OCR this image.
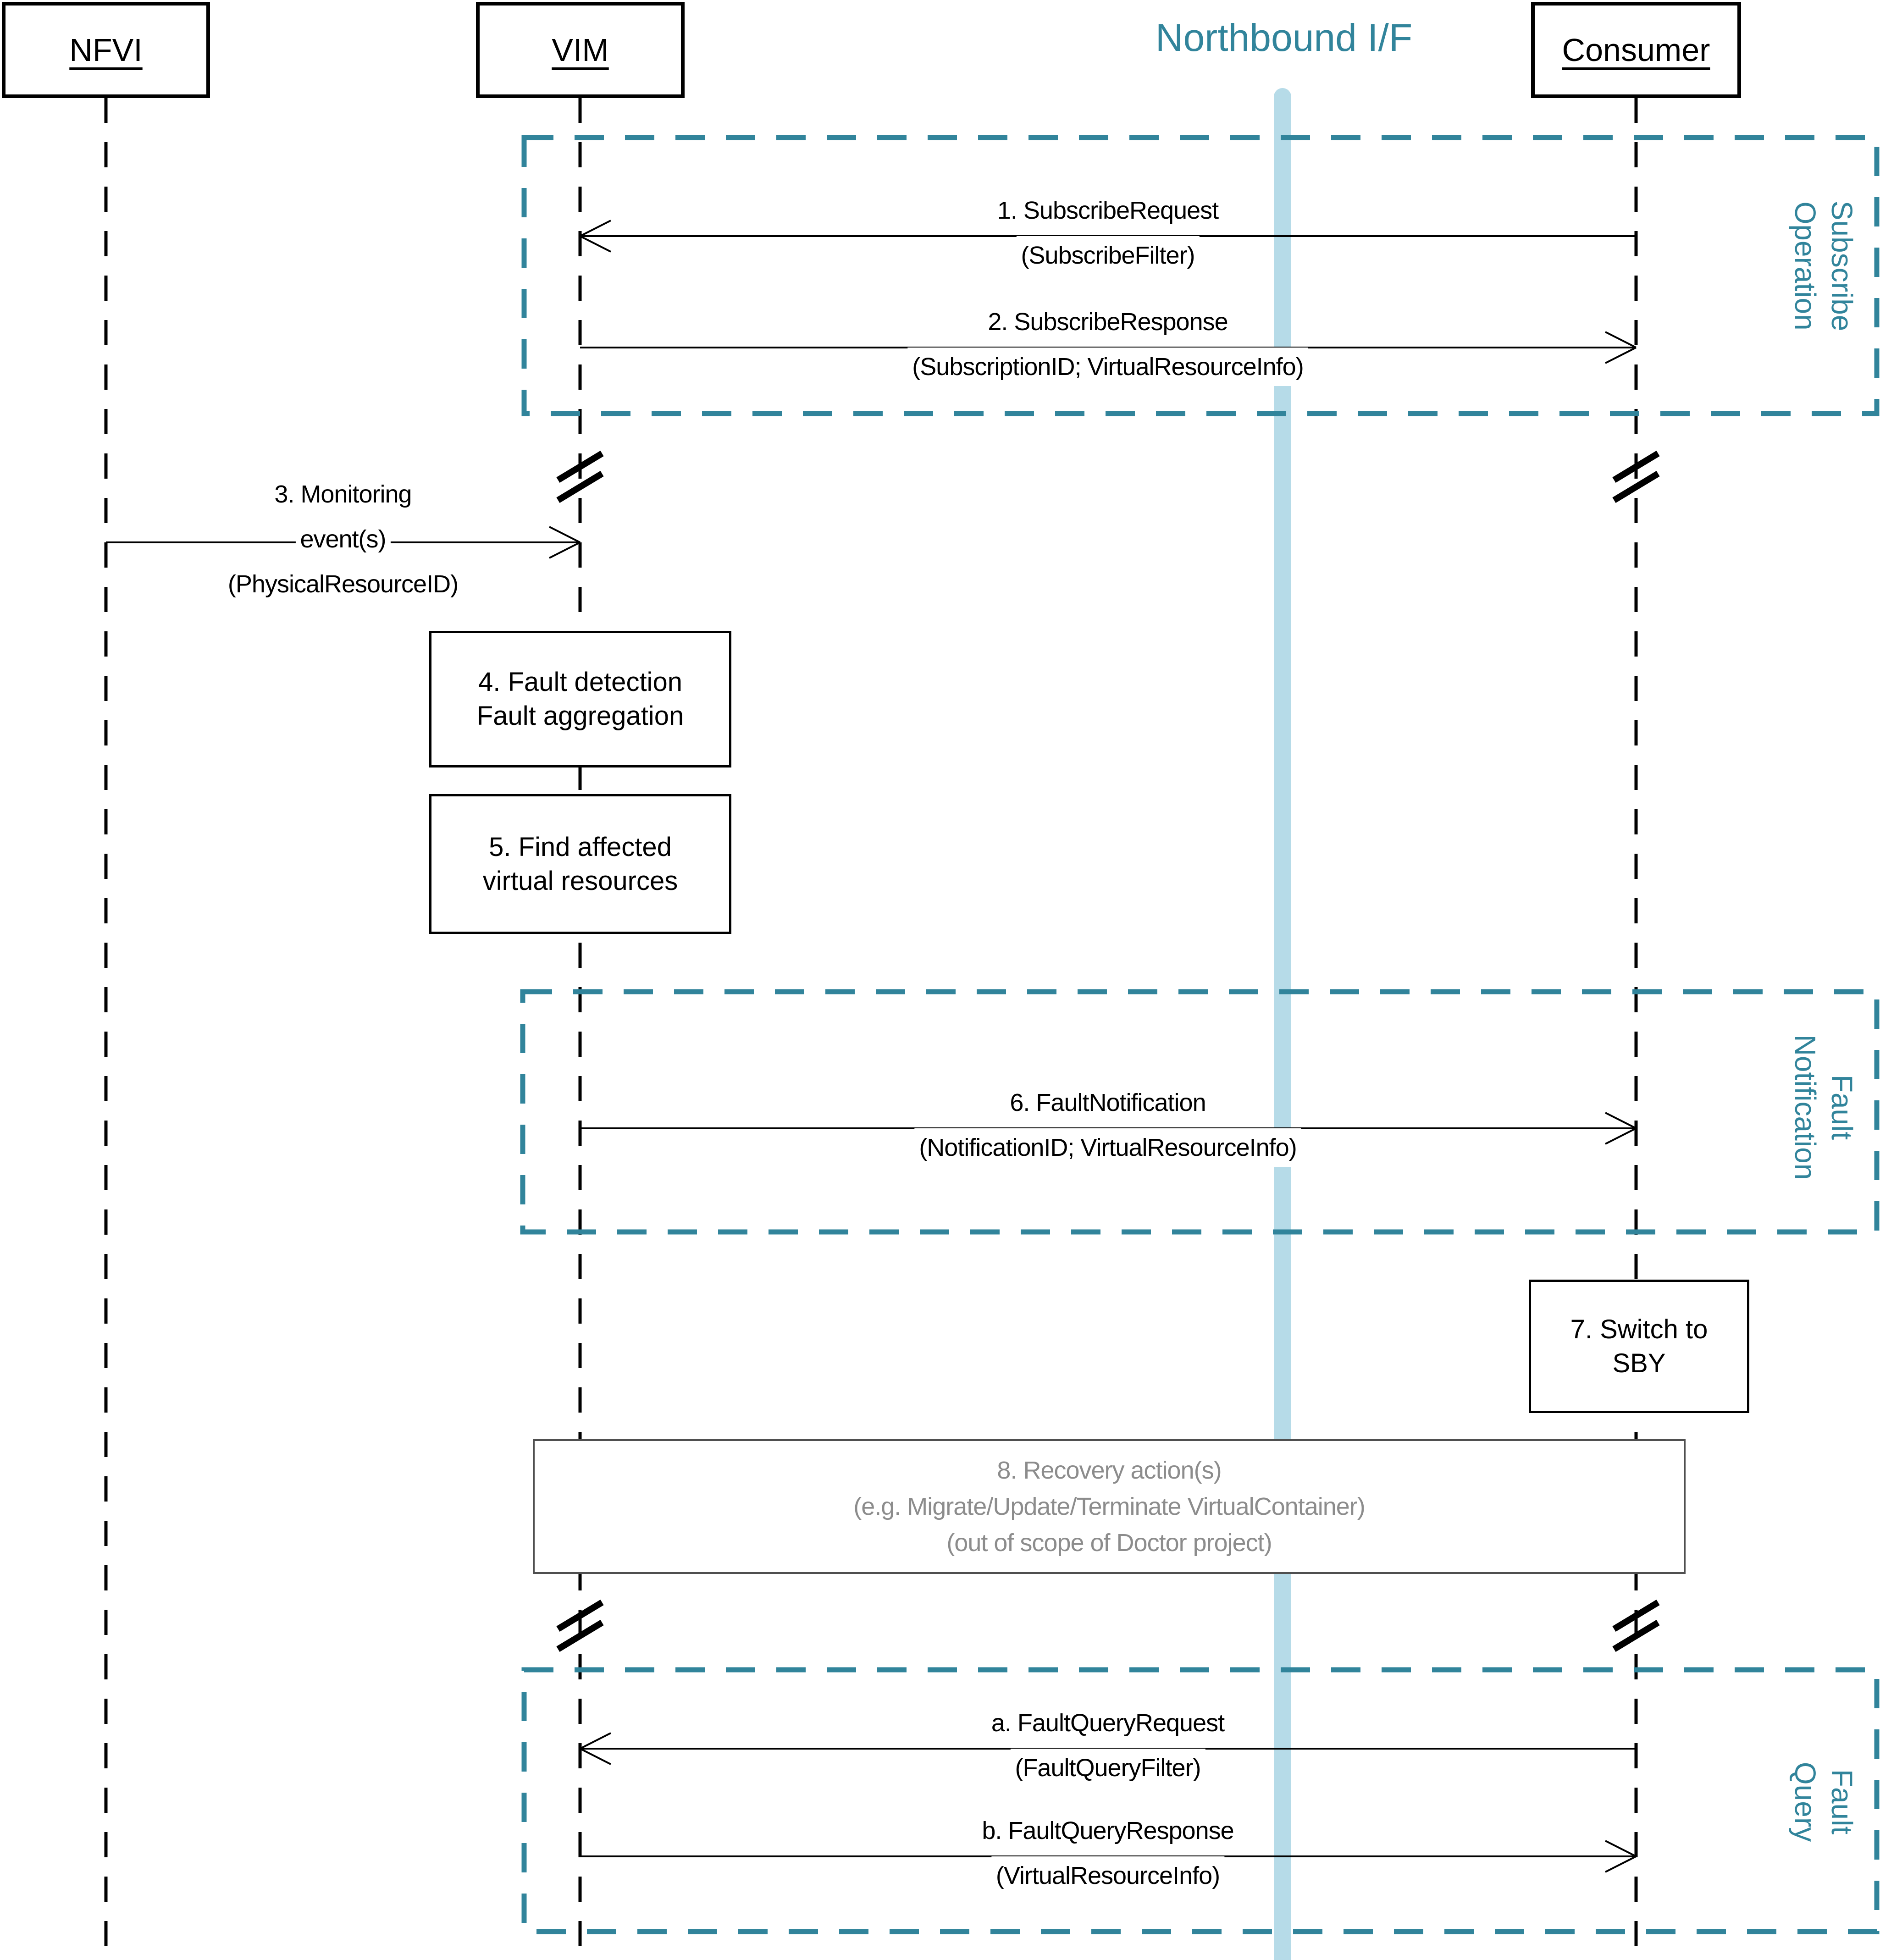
NFVI	VIM	Consumer
Northbound I/F
1. SubscribeRequest
(SubscribeFilter)
2. SubscribeResponse
(SubscriptionID; VirtualResourceInfo)
3. Monitoring
event(s)
(PhysicalResourceID)
6. FaultNotification
(NotificationID; VirtualResourceInfo)
a. FaultQueryRequest
(FaultQueryFilter)
b. FaultQueryResponse
(VirtualResourceInfo)
4. Fault detection
Fault aggregation
5. Find affected
virtual resources
7. Switch to
SBY
8. Recovery action(s)
(e.g. Migrate/Update/Terminate VirtualContainer)
(out of scope of Doctor project)
Subscribe
Operation
Fault
Notification
Fault
Query
